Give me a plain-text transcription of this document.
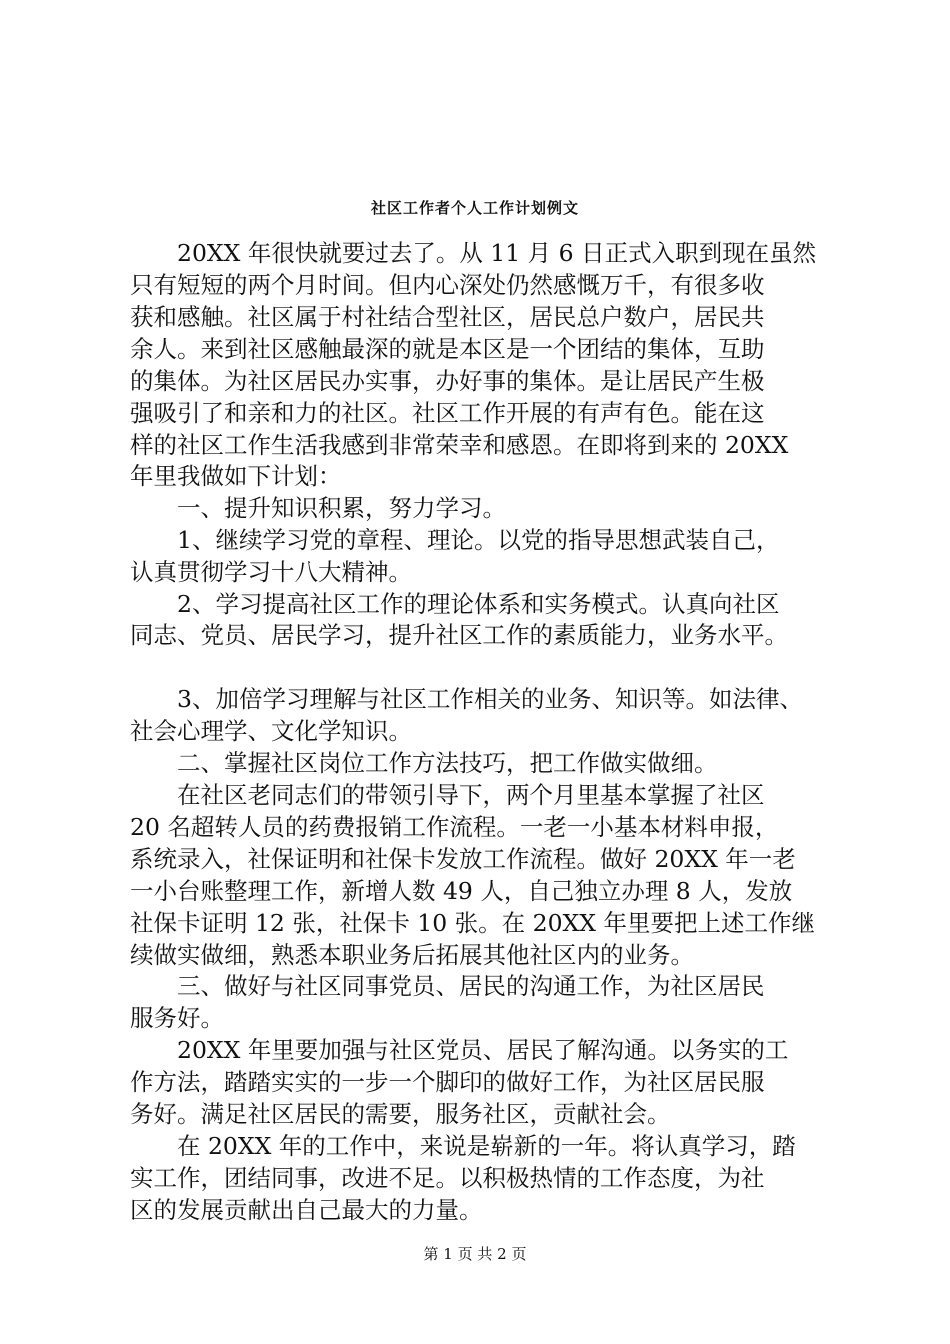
社区工作者个人工作计划例文
　　20XX 年很快就要过去了。从 11 月 6 日正式入职到现在虽然
只有短短的两个月时间。但内心深处仍然感慨万千，有很多收
获和感触。社区属于村社结合型社区，居民总户数户，居民共
余人。来到社区感触最深的就是本区是一个团结的集体，互助
的集体。为社区居民办实事，办好事的集体。是让居民产生极
强吸引了和亲和力的社区。社区工作开展的有声有色。能在这
样的社区工作生活我感到非常荣幸和感恩。在即将到来的 20XX
年里我做如下计划：
　　一、提升知识积累，努力学习。
　　1、继续学习党的章程、理论。以党的指导思想武装自己，
认真贯彻学习十八大精神。
　　2、学习提高社区工作的理论体系和实务模式。认真向社区
同志、党员、居民学习，提升社区工作的素质能力，业务水平。
　　3、加倍学习理解与社区工作相关的业务、知识等。如法律、
社会心理学、文化学知识。
　　二、掌握社区岗位工作方法技巧，把工作做实做细。
　　在社区老同志们的带领引导下，两个月里基本掌握了社区
20 名超转人员的药费报销工作流程。一老一小基本材料申报，
系统录入，社保证明和社保卡发放工作流程。做好 20XX 年一老
一小台账整理工作，新增人数 49 人，自己独立办理 8 人，发放
社保卡证明 12 张，社保卡 10 张。在 20XX 年里要把上述工作继
续做实做细，熟悉本职业务后拓展其他社区内的业务。
　　三、做好与社区同事党员、居民的沟通工作，为社区居民
服务好。
　　20XX 年里要加强与社区党员、居民了解沟通。以务实的工
作方法，踏踏实实的一步一个脚印的做好工作，为社区居民服
务好。满足社区居民的需要，服务社区，贡献社会。
　　在 20XX 年的工作中，来说是崭新的一年。将认真学习，踏
实工作，团结同事，改进不足。以积极热情的工作态度，为社
区的发展贡献出自己最大的力量。
第 1 页 共 2 页
